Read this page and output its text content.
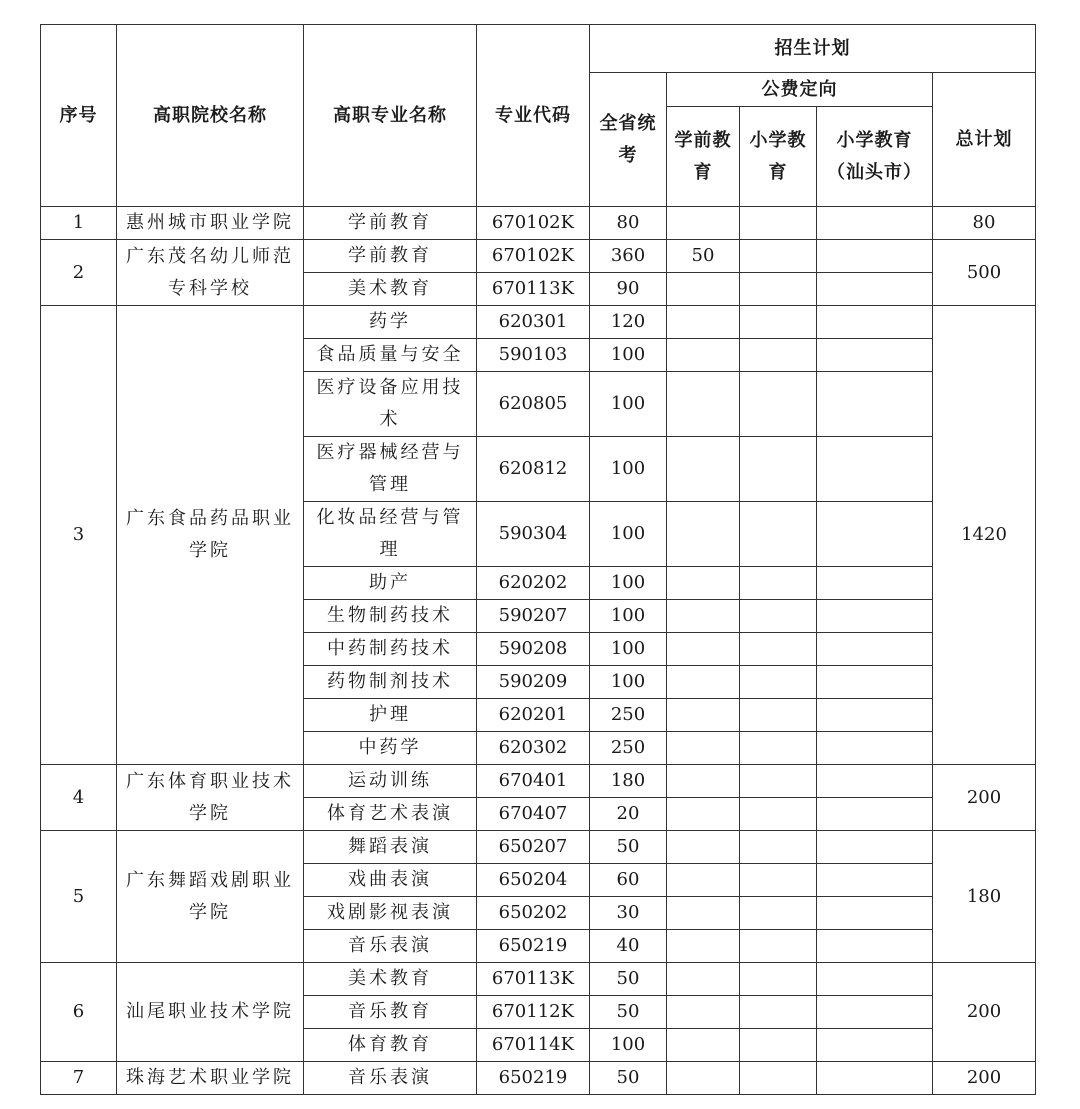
序号	高职院校名称	高职专业名称	专业代码	招生计划				
				全省统考	公费定向			总计划
					学前教育	小学教育	小学教育（汕头市）	
1	惠州城市职业学院	学前教育	670102K	80				80
2	广东茂名幼儿师范专科学校	学前教育	670102K	360	50			500
		美术教育	670113K	90				
3	广东食品药品职业学院	药学	620301	120				1420
		食品质量与安全	590103	100				
		医疗设备应用技术	620805	100				
		医疗器械经营与管理	620812	100				
		化妆品经营与管理	590304	100				
		助产	620202	100				
		生物制药技术	590207	100				
		中药制药技术	590208	100				
		药物制剂技术	590209	100				
		护理	620201	250				
		中药学	620302	250				
4	广东体育职业技术学院	运动训练	670401	180				200
		体育艺术表演	670407	20				
5	广东舞蹈戏剧职业学院	舞蹈表演	650207	50				180
		戏曲表演	650204	60				
		戏剧影视表演	650202	30				
		音乐表演	650219	40				
6	汕尾职业技术学院	美术教育	670113K	50				200
		音乐教育	670112K	50				
		体育教育	670114K	100				
7	珠海艺术职业学院	音乐表演	650219	50				200
